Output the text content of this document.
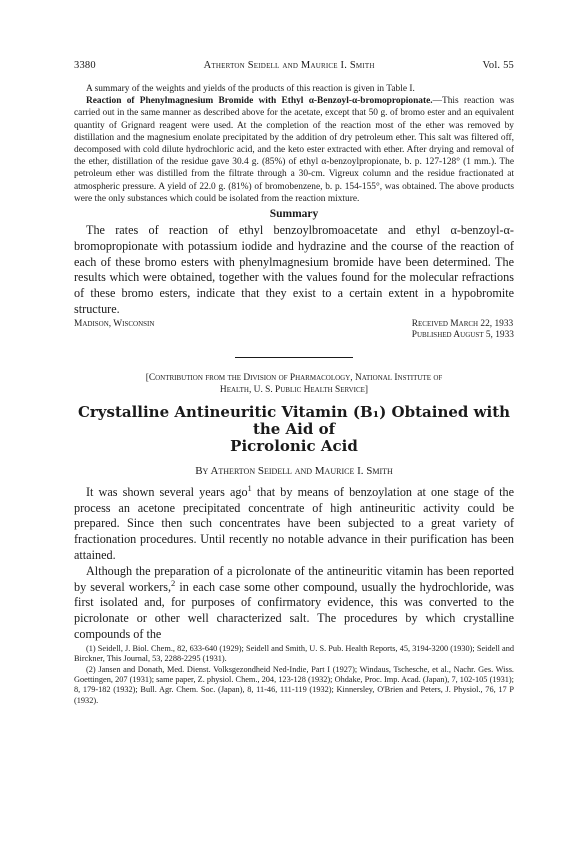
3380	Atherton Seidell and Maurice I. Smith	Vol. 55

A summary of the weights and yields of the products of this reaction is given in Table I.

Reaction of Phenylmagnesium Bromide with Ethyl α-Benzoyl-α-bromopropionate.—This reaction was carried out in the same manner as described above for the acetate, except that 50 g. of bromo ester and an equivalent quantity of Grignard reagent were used. At the completion of the reaction most of the ether was removed by distillation and the magnesium enolate precipitated by the addition of dry petroleum ether. This salt was filtered off, decomposed with cold dilute hydrochloric acid, and the keto ester extracted with ether. After drying and removal of the ether, distillation of the residue gave 30.4 g. (85%) of ethyl α-benzoylpropionate, b. p. 127-128° (1 mm.). The petroleum ether was distilled from the filtrate through a 30-cm. Vigreux column and the residue fractionated at atmospheric pressure. A yield of 22.0 g. (81%) of bromobenzene, b. p. 154-155°, was obtained. The above products were the only substances which could be isolated from the reaction mixture.

Summary

The rates of reaction of ethyl benzoylbromoacetate and ethyl α-benzoyl-α-bromopropionate with potassium iodide and hydrazine and the course of the reaction of each of these bromo esters with phenylmagnesium bromide have been determined. The results which were obtained, together with the values found for the molecular refractions of these bromo esters, indicate that they exist to a certain extent in a hypobromite structure.

Madison, Wisconsin	Received March 22, 1933
Published August 5, 1933
[Contribution from the Division of Pharmacology, National Institute of
Health, U. S. Public Health Service]
Crystalline Antineuritic Vitamin (B₁) Obtained with the Aid of
Picrolonic Acid
By Atherton Seidell and Maurice I. Smith

It was shown several years ago$^1$ that by means of benzoylation at one stage of the process an acetone precipitated concentrate of high antineuritic activity could be prepared. Since then such concentrates have been subjected to a great variety of fractionation procedures. Until recently no notable advance in their purification has been attained.

Although the preparation of a picrolonate of the antineuritic vitamin has been reported by several workers,$^2$ in each case some other compound, usually the hydrochloride, was first isolated and, for purposes of confirmatory evidence, this was converted to the picrolonate or other well characterized salt. The procedures by which crystalline compounds of the

(1) Seidell, J. Biol. Chem., 82, 633-640 (1929); Seidell and Smith, U. S. Pub. Health Reports, 45, 3194-3200 (1930); Seidell and Birckner, This Journal, 53, 2288-2295 (1931).

(2) Jansen and Donath, Med. Dienst. Volksgezondheid Ned-Indie, Part I (1927); Windaus, Tschesche, et al., Nachr. Ges. Wiss. Goettingen, 207 (1931); same paper, Z. physiol. Chem., 204, 123-128 (1932); Ohdake, Proc. Imp. Acad. (Japan), 7, 102-105 (1931); 8, 179-182 (1932); Bull. Agr. Chem. Soc. (Japan), 8, 11-46, 111-119 (1932); Kinnersley, O'Brien and Peters, J. Physiol., 76, 17 P (1932).
